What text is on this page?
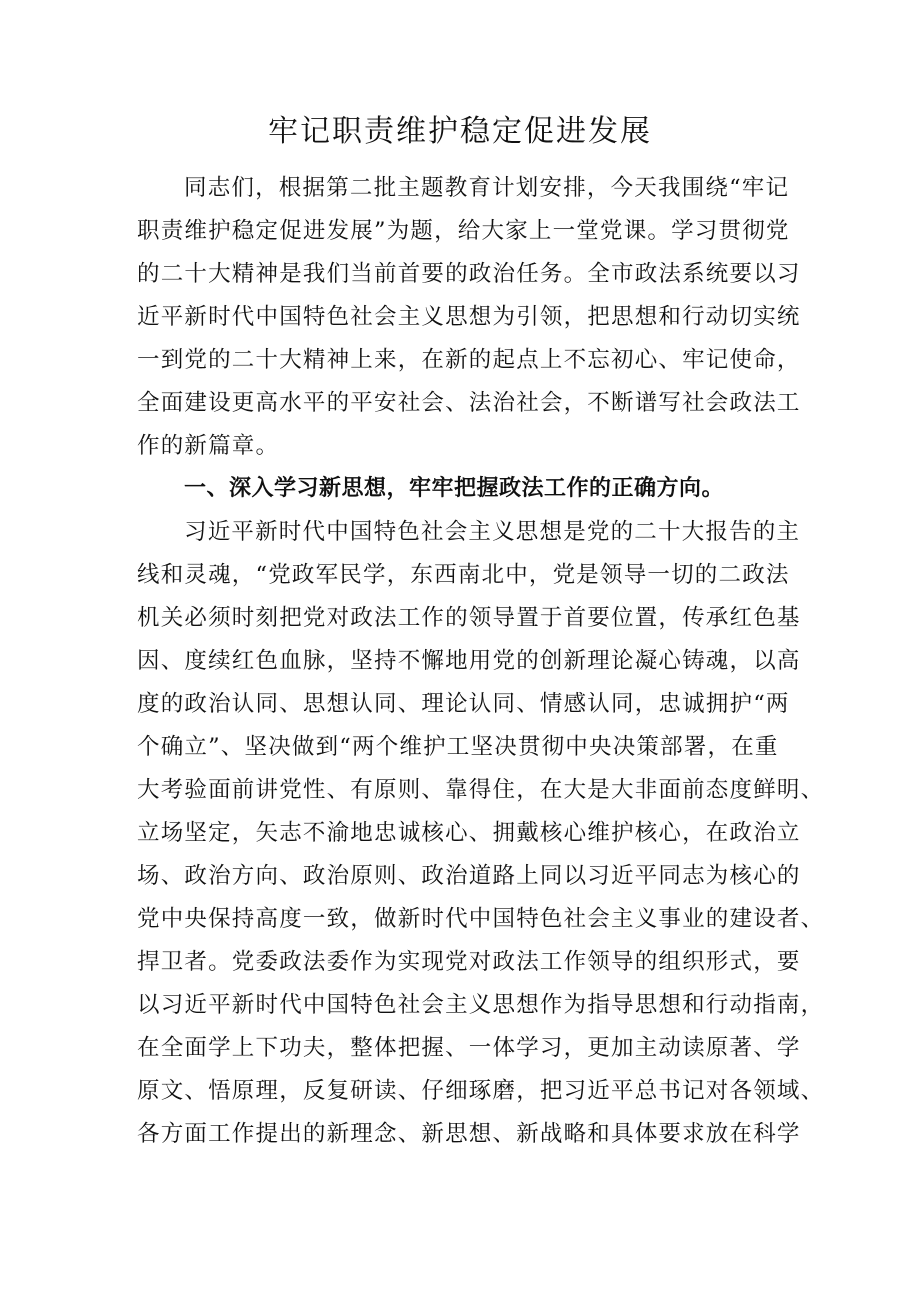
牢记职责维护稳定促进发展
同志们，根据第二批主题教育计划安排，今天我围绕“牢记
职责维护稳定促进发展”为题，给大家上一堂党课。学习贯彻党
的二十大精神是我们当前首要的政治任务。全市政法系统要以习
近平新时代中国特色社会主义思想为引领，把思想和行动切实统
一到党的二十大精神上来，在新的起点上不忘初心、牢记使命，
全面建设更高水平的平安社会、法治社会，不断谱写社会政法工
作的新篇章。
一、深入学习新思想，牢牢把握政法工作的正确方向。
习近平新时代中国特色社会主义思想是党的二十大报告的主
线和灵魂，“党政军民学，东西南北中，党是领导一切的二政法
机关必须时刻把党对政法工作的领导置于首要位置，传承红色基
因、度续红色血脉，坚持不懈地用党的创新理论凝心铸魂，以高
度的政治认同、思想认同、理论认同、情感认同，忠诚拥护“两
个确立”、坚决做到“两个维护工坚决贯彻中央决策部署，在重
大考验面前讲党性、有原则、靠得住，在大是大非面前态度鲜明、
立场坚定，矢志不渝地忠诚核心、拥戴核心维护核心，在政治立
场、政治方向、政治原则、政治道路上同以习近平同志为核心的
党中央保持高度一致，做新时代中国特色社会主义事业的建设者、
捍卫者。党委政法委作为实现党对政法工作领导的组织形式，要
以习近平新时代中国特色社会主义思想作为指导思想和行动指南，
在全面学上下功夫，整体把握、一体学习，更加主动读原著、学
原文、悟原理，反复研读、仔细琢磨，把习近平总书记对各领域、
各方面工作提出的新理念、新思想、新战略和具体要求放在科学
